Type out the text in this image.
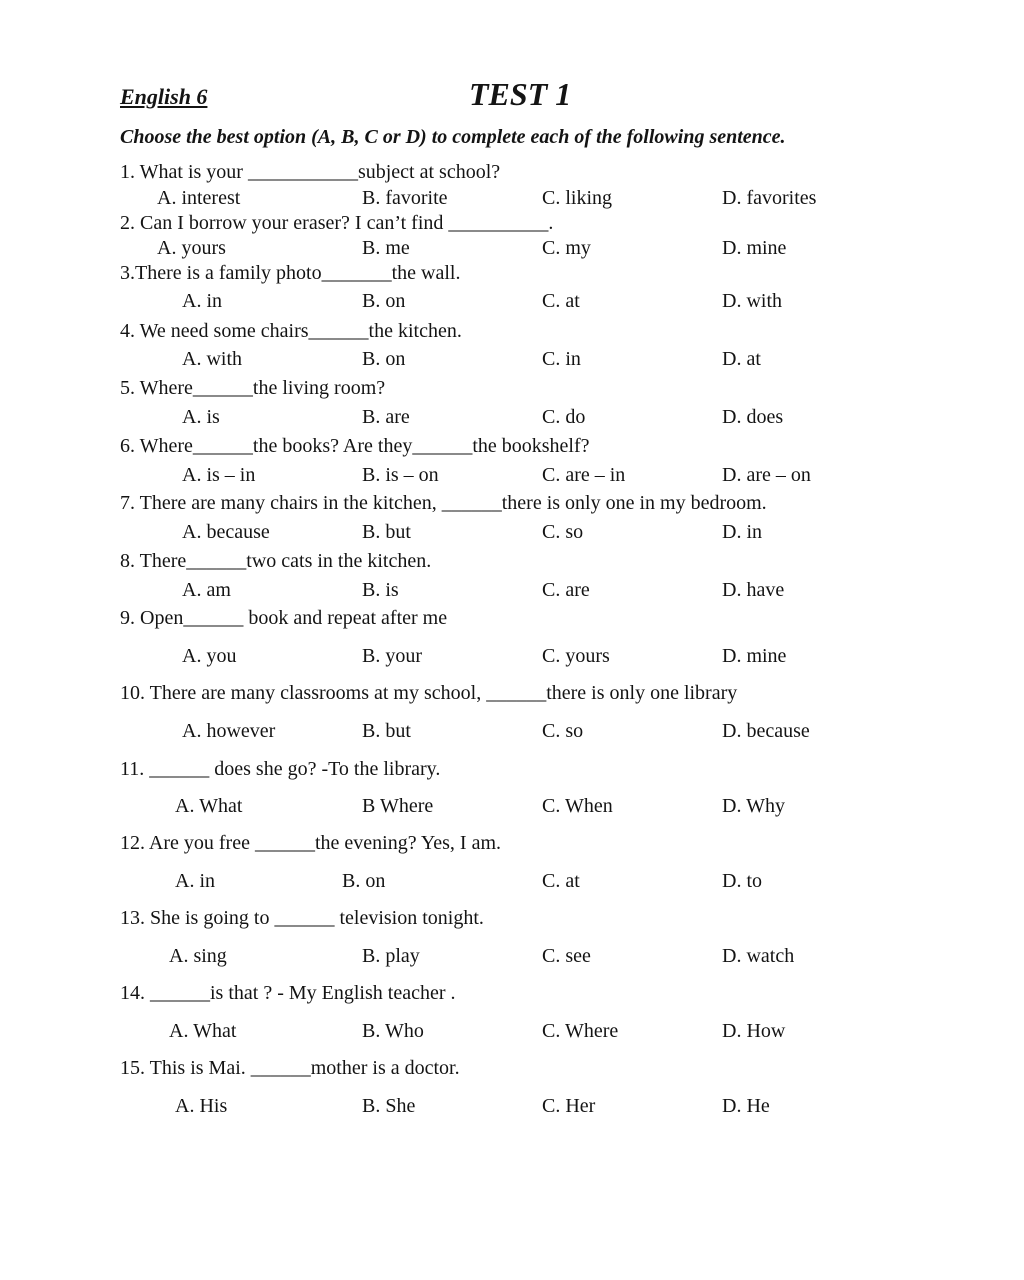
English 6	TEST 1
Choose the best option (A, B, C or D) to complete each of the following sentence.
1. What is your ___________subject at school?
A. interest	B. favorite	C. liking	D. favorites
2. Can I borrow your eraser? I can’t find __________.
A. yours	B. me	C. my	D. mine
3.There is a family photo_______the wall.
A. in	B. on	C. at	D. with
4. We need some chairs______the kitchen.
A. with	B. on	C. in	D. at
5. Where______the living room?
A. is	B. are	C. do	D. does
6. Where______the books? Are they______the bookshelf?
A. is – in	B. is – on	C. are – in	D. are – on
7. There are many chairs in the kitchen, ______there is only one in my bedroom.
A. because	B. but	C. so	D. in
8. There______two cats in the kitchen.
A. am	B. is	C. are	D. have
9. Open______ book and repeat after me
A. you	B. your	C. yours	D. mine
10. There are many classrooms at my school, ______there is only one library
A. however	B. but	C. so	D. because
11. ______ does she go? -To the library.
A. What	B Where	C. When	D. Why
12. Are you free ______the evening? Yes, I am.
A. in	B. on	C. at	D. to
13. She is going to ______ television tonight.
A. sing	B. play	C. see	D. watch
14. ______is that ? - My English teacher .
A. What	B. Who	C. Where	D. How
15. This is Mai. ______mother is a doctor.
A. His	B. She	C. Her	D. He
